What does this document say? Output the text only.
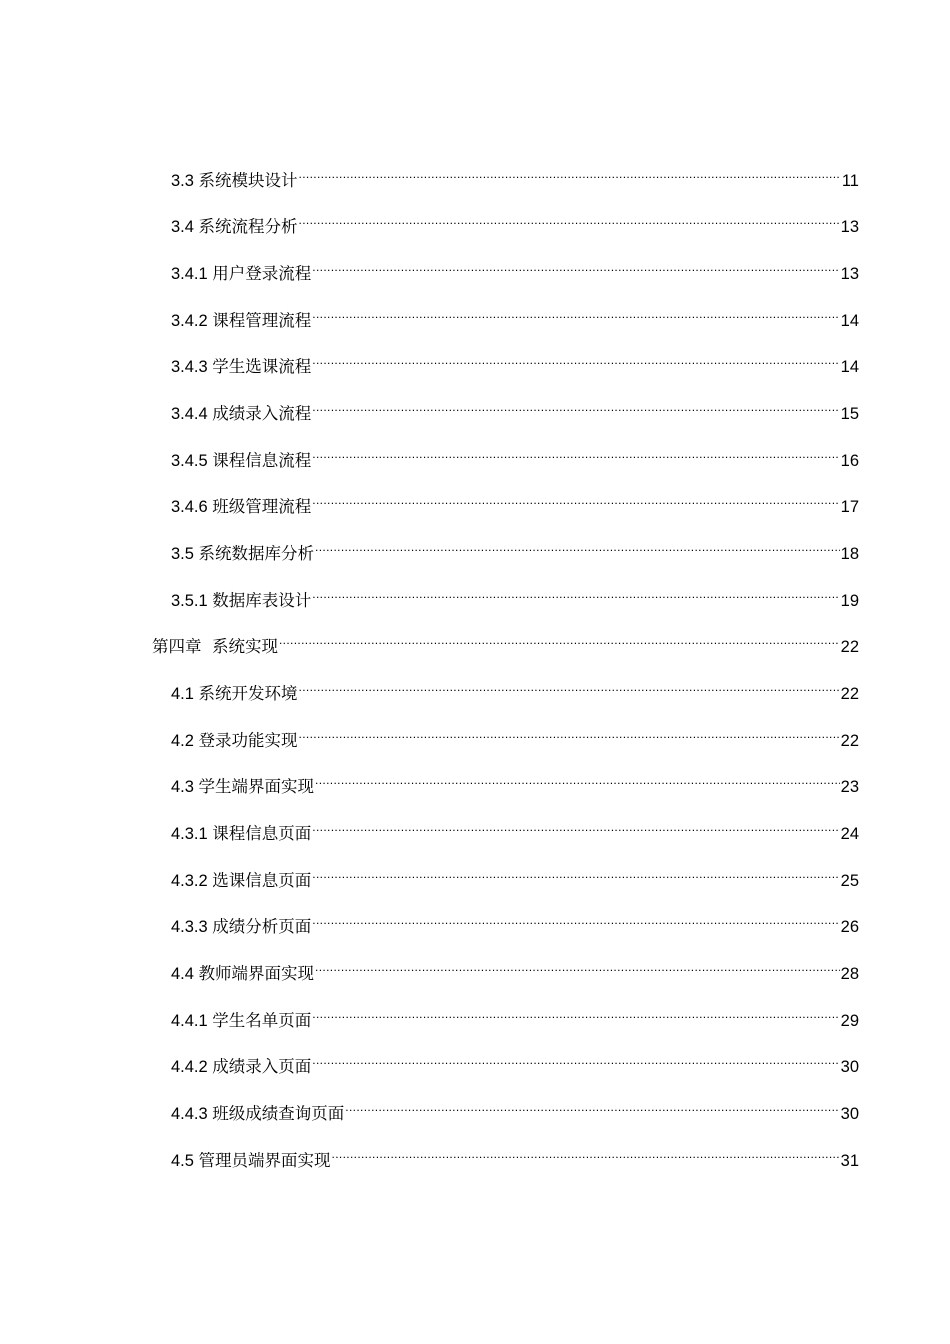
3.3 系统模块设计 .....	11
3.4 系统流程分析 .....	13
3.4.1 用户登录流程 .....	13
3.4.2 课程管理流程 .....	14
3.4.3 学生选课流程 .....	14
3.4.4 成绩录入流程 .....	15
3.4.5 课程信息流程 .....	16
3.4.6 班级管理流程 .....	17
3.5 系统数据库分析 .....	18
3.5.1 数据库表设计 .....	19
第四章  系统实现 .....	22
4.1 系统开发环境 .....	22
4.2 登录功能实现 .....	22
4.3 学生端界面实现 .....	23
4.3.1 课程信息页面 .....	24
4.3.2 选课信息页面 .....	25
4.3.3 成绩分析页面 .....	26
4.4 教师端界面实现 .....	28
4.4.1 学生名单页面 .....	29
4.4.2 成绩录入页面 .....	30
4.4.3 班级成绩查询页面 .....	30
4.5 管理员端界面实现 .....	31
